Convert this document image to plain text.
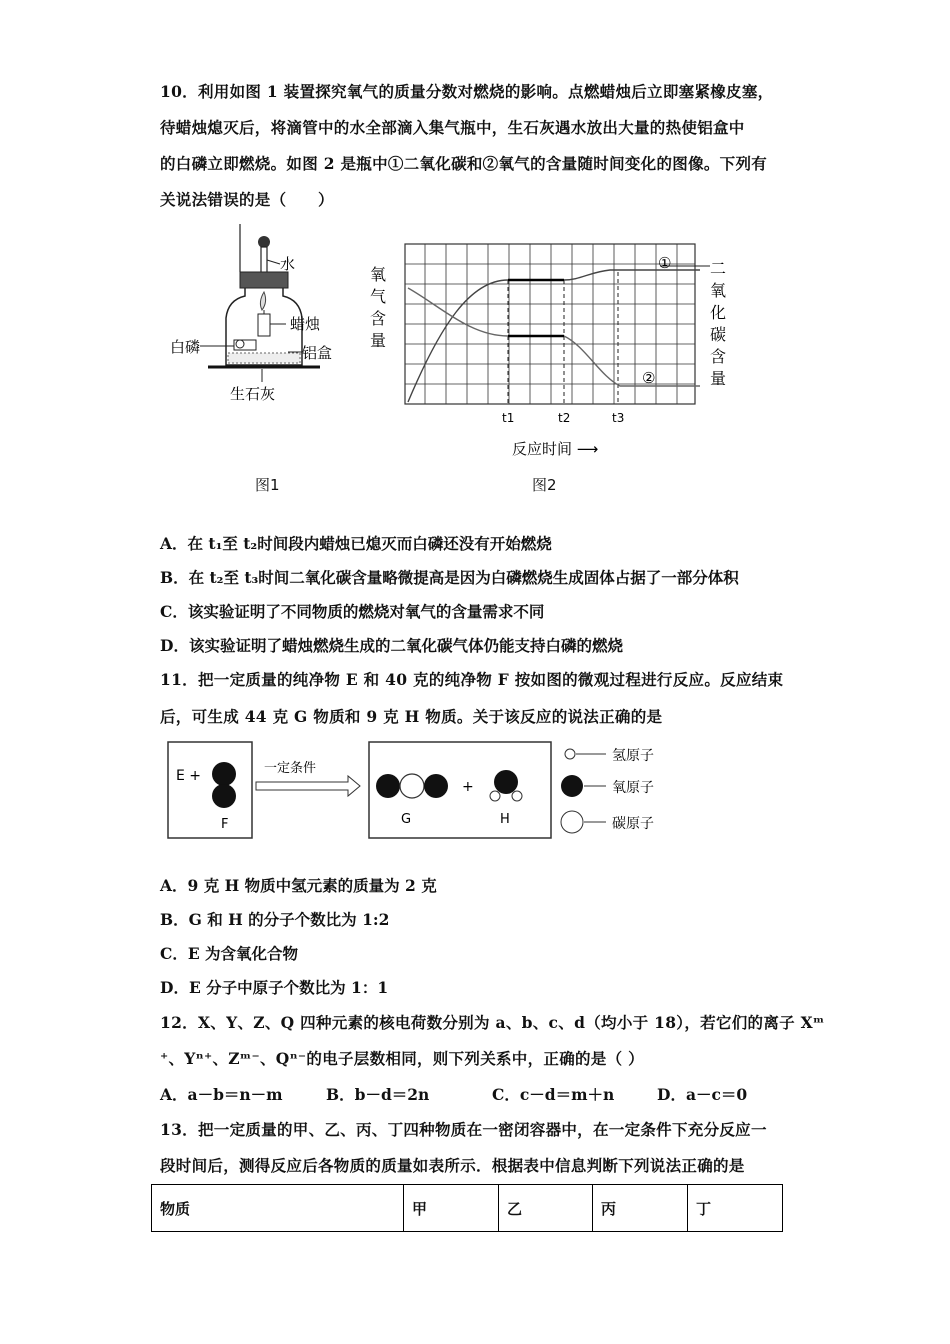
10．利用如图 1 装置探究氧气的质量分数对燃烧的影响。点燃蜡烛后立即塞紧橡皮塞，
待蜡烛熄灭后，将滴管中的水全部滴入集气瓶中，生石灰遇水放出大量的热使铝盒中
的白磷立即燃烧。如图 2 是瓶中①二氧化碳和②氧气的含量随时间变化的图像。下列有
关说法错误的是（　　）
水
蜡烛
白磷	铝盒
生石灰
图1
氧
气
含
量
二
氧
化
碳
含
量
①
②
t1	t2	t3
反应时间 ⟶
图2
A．在 t₁至 t₂时间段内蜡烛已熄灭而白磷还没有开始燃烧
B．在 t₂至 t₃时间二氧化碳含量略微提高是因为白磷燃烧生成固体占据了一部分体积
C．该实验证明了不同物质的燃烧对氧气的含量需求不同
D．该实验证明了蜡烛燃烧生成的二氧化碳气体仍能支持白磷的燃烧
11．把一定质量的纯净物 E 和 40 克的纯净物 F 按如图的微观过程进行反应。反应结束
后，可生成 44 克 G 物质和 9 克 H 物质。关于该反应的说法正确的是
E +
F
一定条件
+
G	H
氢原子
氧原子
碳原子
A．9 克 H 物质中氢元素的质量为 2 克
B．G 和 H 的分子个数比为 1:2
C．E 为含氧化合物
D．E 分子中原子个数比为 1：1
12．X、Y、Z、Q 四种元素的核电荷数分别为 a、b、c、d（均小于 18），若它们的离子 Xᵐ
⁺、Yⁿ⁺、Zᵐ⁻、Qⁿ⁻的电子层数相同，则下列关系中，正确的是（ ）
A．a－b＝n－m	B．b－d＝2n	C．c－d＝m＋n	D．a－c＝0
13．把一定质量的甲、乙、丙、丁四种物质在一密闭容器中，在一定条件下充分反应一
段时间后，测得反应后各物质的质量如表所示．根据表中信息判断下列说法正确的是
物质	甲	乙	丙	丁
